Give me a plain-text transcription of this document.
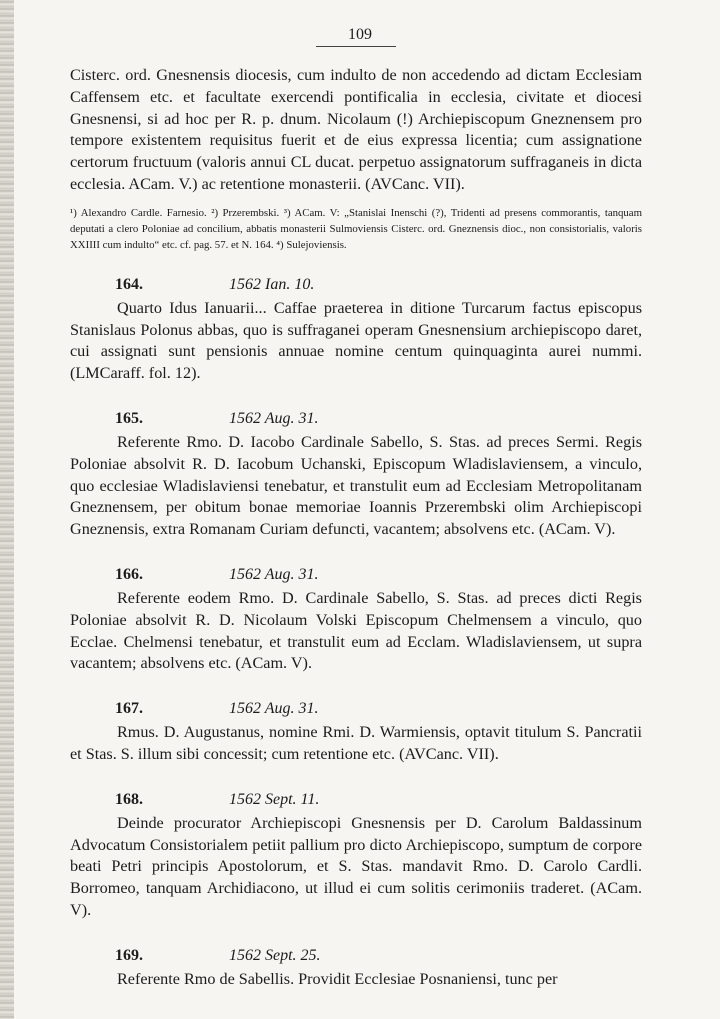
109

Cisterc. ord. Gnesnensis diocesis, cum indulto de non accedendo ad dictam Ecclesiam Caffensem etc. et facultate exercendi pontificalia in ecclesia, civitate et diocesi Gnesnensi, si ad hoc per R. p. dnum. Nicolaum (!) Archiepiscopum Gneznensem pro tempore existentem requisitus fuerit et de eius expressa licentia; cum assignatione certorum fructuum (valoris annui CL ducat. perpetuo assignatorum suffraganeis in dicta ecclesia. ACam. V.) ac retentione monasterii. (AVCanc. VII).

¹) Alexandro Cardle. Farnesio. ²) Przerembski. ³) ACam. V: „Stanislai Inenschi (?), Tridenti ad presens commorantis, tanquam deputati a clero Poloniae ad concilium, abbatis monasterii Sulmoviensis Cisterc. ord. Gneznensis dioc., non consistorialis, valoris XXIIII cum indulto“ etc. cf. pag. 57. et N. 164. ⁴) Sulejoviensis.

164.	1562 Ian. 10.

Quarto Idus Ianuarii... Caffae praeterea in ditione Turcarum factus episcopus Stanislaus Polonus abbas, quo is suffraganei operam Gnesnensium archiepiscopo daret, cui assignati sunt pensionis annuae nomine centum quinquaginta aurei nummi. (LMCaraff. fol. 12).

165.	1562 Aug. 31.

Referente Rmo. D. Iacobo Cardinale Sabello, S. Stas. ad preces Sermi. Regis Poloniae absolvit R. D. Iacobum Uchanski, Episcopum Wladislaviensem, a vinculo, quo ecclesiae Wladislaviensi tenebatur, et transtulit eum ad Ecclesiam Metropolitanam Gneznensem, per obitum bonae memoriae Ioannis Przerembski olim Archiepiscopi Gneznensis, extra Romanam Curiam defuncti, vacantem; absolvens etc. (ACam. V).

166.	1562 Aug. 31.

Referente eodem Rmo. D. Cardinale Sabello, S. Stas. ad preces dicti Regis Poloniae absolvit R. D. Nicolaum Volski Episcopum Chelmensem a vinculo, quo Ecclae. Chelmensi tenebatur, et transtulit eum ad Ecclam. Wladislaviensem, ut supra vacantem; absolvens etc. (ACam. V).

167.	1562 Aug. 31.

Rmus. D. Augustanus, nomine Rmi. D. Warmiensis, optavit titulum S. Pancratii et Stas. S. illum sibi concessit; cum retentione etc. (AVCanc. VII).

168.	1562 Sept. 11.

Deinde procurator Archiepiscopi Gnesnensis per D. Carolum Baldassinum Advocatum Consistorialem petiit pallium pro dicto Archiepiscopo, sumptum de corpore beati Petri principis Apostolorum, et S. Stas. mandavit Rmo. D. Carolo Cardli. Borromeo, tanquam Archidiacono, ut illud ei cum solitis cerimoniis traderet. (ACam. V).

169.	1562 Sept. 25.

Referente Rmo de Sabellis. Providit Ecclesiae Posnaniensi, tunc per
